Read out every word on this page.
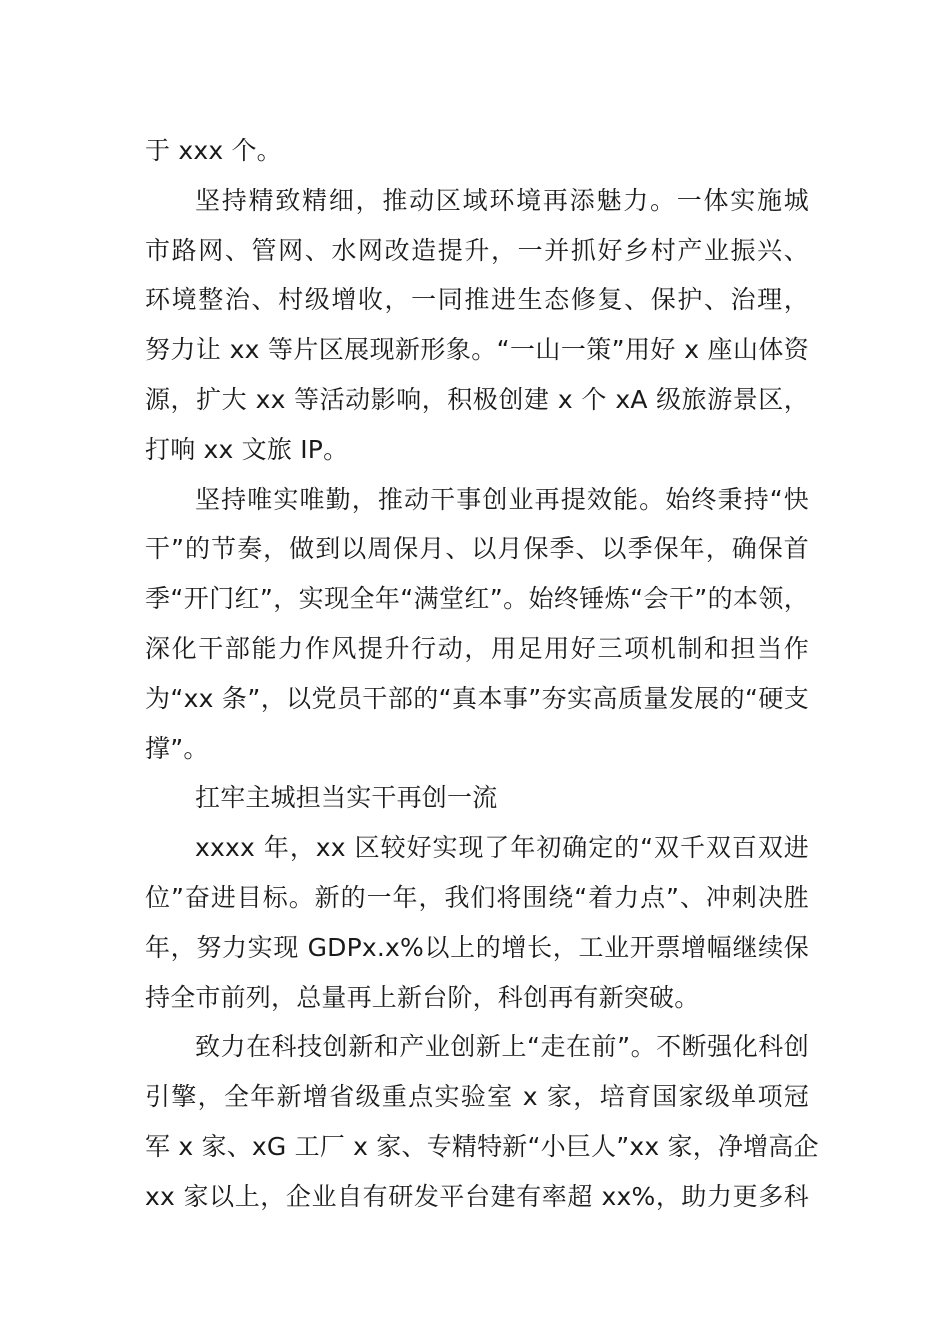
于 xxx 个。

坚持精致精细，推动区域环境再添魅力。一体实施城
市路网、管网、水网改造提升，一并抓好乡村产业振兴、
环境整治、村级增收，一同推进生态修复、保护、治理，
努力让 xx 等片区展现新形象。“一山一策”用好 x 座山体资
源，扩大 xx 等活动影响，积极创建 x 个 xA 级旅游景区，
打响 xx 文旅 IP。

坚持唯实唯勤，推动干事创业再提效能。始终秉持“快
干”的节奏，做到以周保月、以月保季、以季保年，确保首
季“开门红”，实现全年“满堂红”。始终锤炼“会干”的本领，
深化干部能力作风提升行动，用足用好三项机制和担当作
为“xx 条”，以党员干部的“真本事”夯实高质量发展的“硬支
撑”。

扛牢主城担当实干再创一流

xxxx 年，xx 区较好实现了年初确定的“双千双百双进
位”奋进目标。新的一年，我们将围绕“着力点”、冲刺决胜
年，努力实现 GDPx.x%以上的增长，工业开票增幅继续保
持全市前列，总量再上新台阶，科创再有新突破。

致力在科技创新和产业创新上“走在前”。不断强化科创
引擎，全年新增省级重点实验室 x 家，培育国家级单项冠
军 x 家、xG 工厂 x 家、专精特新“小巨人”xx 家，净增高企
xx 家以上，企业自有研发平台建有率超 xx%，助力更多科
